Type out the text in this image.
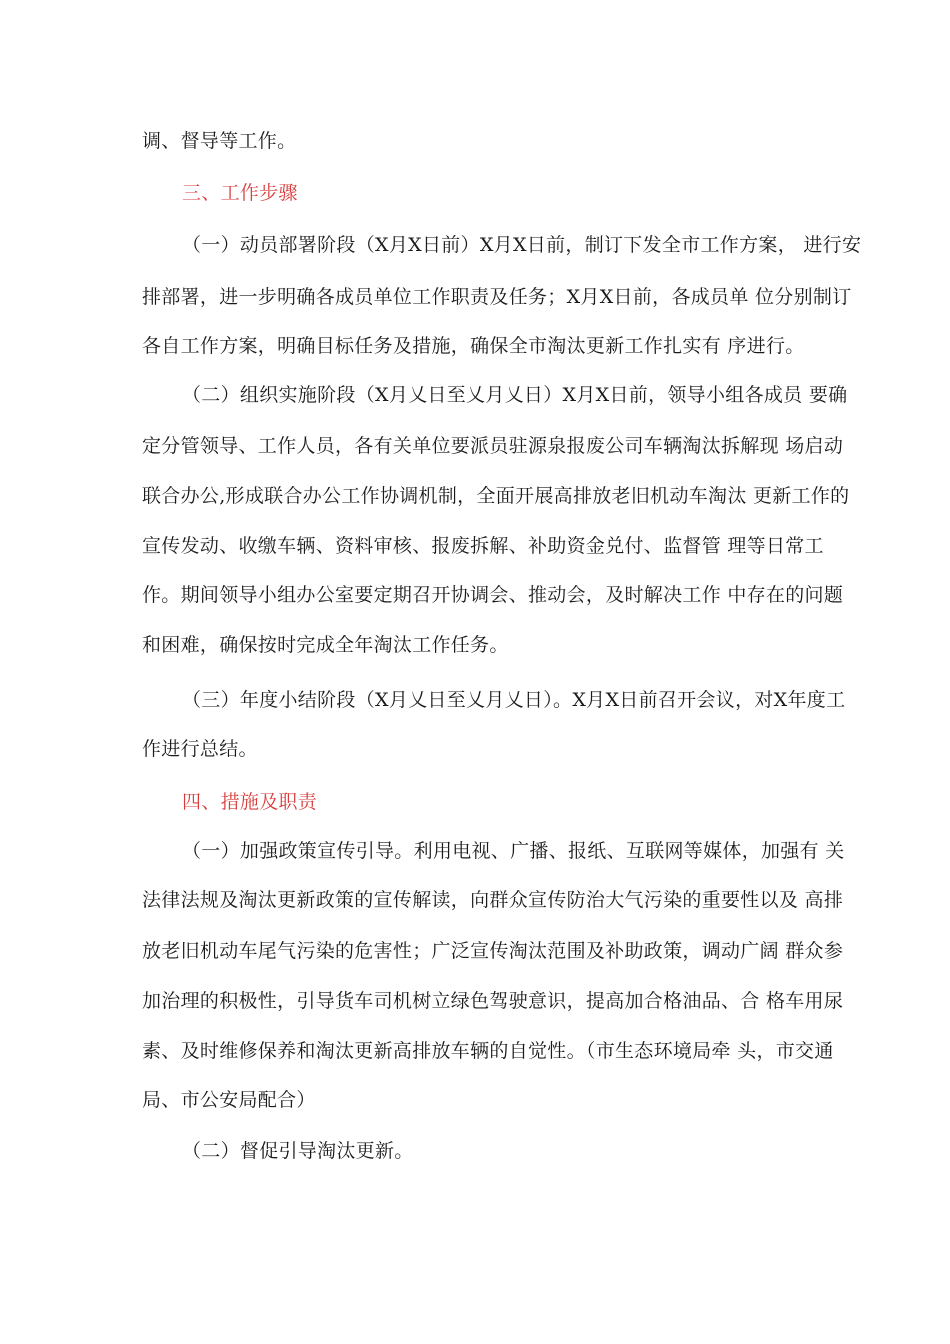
调、督导等工作。
三、工作步骤
（一）动员部署阶段（X月X日前）X月X日前，制订下发全市工作方案， 进行安
排部署，进一步明确各成员单位工作职责及任务；X月X日前，各成员单 位分别制订
各自工作方案，明确目标任务及措施，确保全市淘汰更新工作扎实有 序进行。
（二）组织实施阶段（X月乂日至乂月乂日）X月X日前，领导小组各成员 要确
定分管领导、工作人员，各有关单位要派员驻源泉报废公司车辆淘汰拆解现 场启动
联合办公,形成联合办公工作协调机制，全面开展高排放老旧机动车淘汰 更新工作的
宣传发动、收缴车辆、资料审核、报废拆解、补助资金兑付、监督管 理等日常工
作。期间领导小组办公室要定期召开协调会、推动会，及时解决工作 中存在的问题
和困难，确保按时完成全年淘汰工作任务。
（三）年度小结阶段（X月乂日至乂月乂日）。X月X日前召开会议，对X年度工
作进行总结。
四、措施及职责
（一）加强政策宣传引导。利用电视、广播、报纸、互联网等媒体，加强有 关
法律法规及淘汰更新政策的宣传解读，向群众宣传防治大气污染的重要性以及 高排
放老旧机动车尾气污染的危害性；广泛宣传淘汰范围及补助政策，调动广阔 群众参
加治理的积极性，引导货车司机树立绿色驾驶意识，提高加合格油品、合 格车用尿
素、及时维修保养和淘汰更新高排放车辆的自觉性。（市生态环境局牵 头，市交通
局、市公安局配合）
（二）督促引导淘汰更新。
